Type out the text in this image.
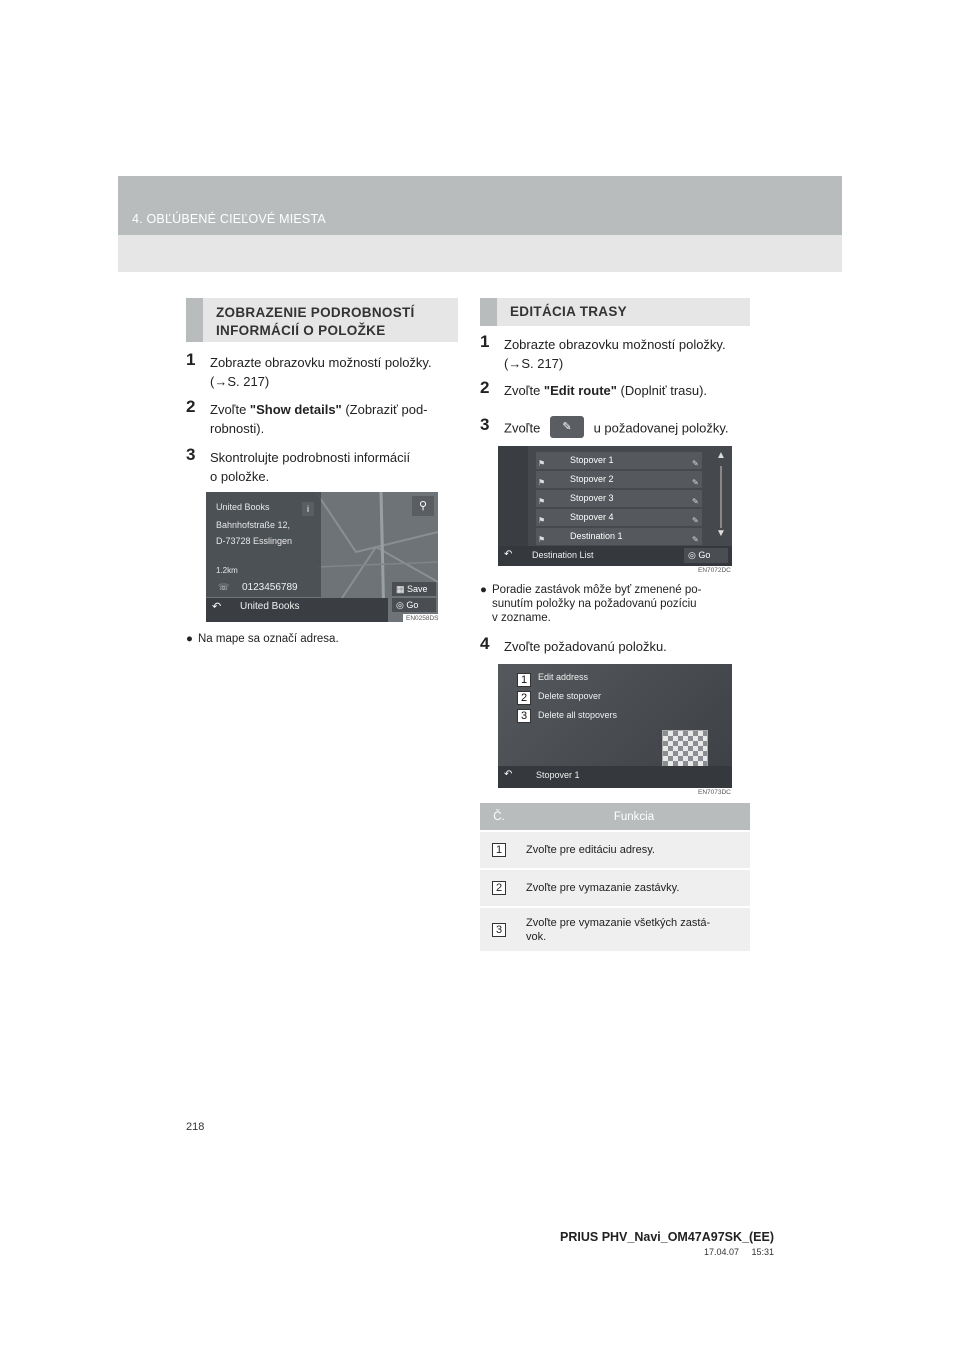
4. OBĽÚBENÉ CIEĽOVÉ MIESTA
ZOBRAZENIE PODROBNOSTÍ
INFORMÁCIÍ O POLOŽKE
1 Zobrazte obrazovku možností položky.
(→S. 217)
2 Zvoľte "Show details" (Zobraziť pod-
robnosti).
3 Skontrolujte podrobnosti informácií
o položke.
United Books	i
Bahnhofstraße 12,
D-73728 Esslingen
1.2km
☏ 0123456789
⚲
▦ Save
◎ Go
↶ United Books
EN0258DS
● Na mape sa označí adresa.
EDITÁCIA TRASY
1 Zobrazte obrazovku možností položky.
(→S. 217)
2 Zvoľte "Edit route" (Doplniť trasu).
3 Zvoľte ✎ u požadovanej položky.
Stopover 1
Stopover 2
Stopover 3
Stopover 4
Destination 1
⚑
⚑
⚑
⚑
⚑
✎
✎
✎
✎
✎
▲
▼
↶ Destination List	◎ Go
EN7072DC
● Poradie zastávok môže byť zmenené po-
sunutím položky na požadovanú pozíciu
v zozname.
4 Zvoľte požadovanú položku.
1	Edit address
2	Delete stopover
3	Delete all stopovers
↶	Stopover 1
EN7073DC
Č.	Funkcia
1	Zvoľte pre editáciu adresy.
2	Zvoľte pre vymazanie zastávky.
3	Zvoľte pre vymazanie všetkých zastá-
vok.
218
PRIUS PHV_Navi_OM47A97SK_(EE)
17.04.07     15:31
